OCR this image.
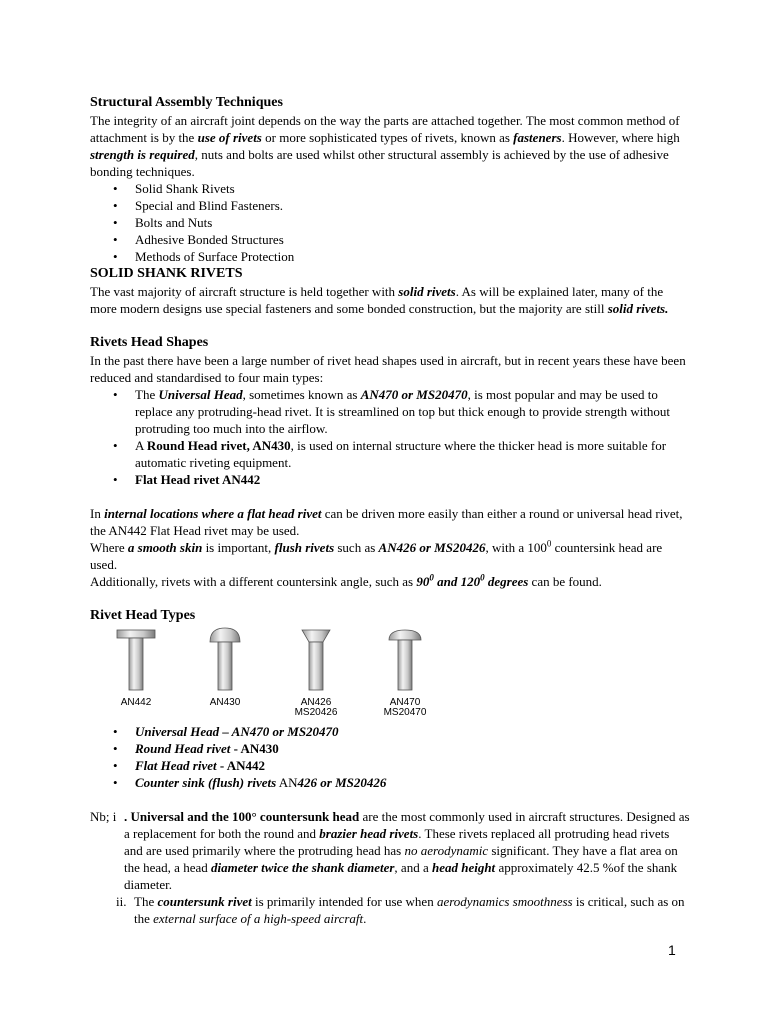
Structural Assembly Techniques

The integrity of an aircraft joint depends on the way the parts are attached together. The most common method of attachment is by the use of rivets or more sophisticated types of rivets, known as fasteners. However, where high strength is required, nuts and bolts are used whilst other structural assembly is achieved by the use of adhesive bonding techniques.

• Solid Shank Rivets
• Special and Blind Fasteners.
• Bolts and Nuts
• Adhesive Bonded Structures
• Methods of Surface Protection
SOLID SHANK RIVETS

The vast majority of aircraft structure is held together with solid rivets. As will be explained later, many of the more modern designs use special fasteners and some bonded construction, but the majority are still solid rivets.

Rivets Head Shapes

In the past there have been a large number of rivet head shapes used in aircraft, but in recent years these have been reduced and standardised to four main types:

• The Universal Head, sometimes known as AN470 or MS20470, is most popular and may be used to replace any protruding-head rivet. It is streamlined on top but thick enough to provide strength without protruding too much into the airflow.
• A Round Head rivet, AN430, is used on internal structure where the thicker head is more suitable for automatic riveting equipment.
• Flat Head rivet AN442

In internal locations where a flat head rivet can be driven more easily than either a round or universal head rivet, the AN442 Flat Head rivet may be used.

Where a smooth skin is important, flush rivets such as AN426 or MS20426, with a $100^0$ countersink head are used.

Additionally, rivets with a different countersink angle, such as $90^0$ and $120^0$ degrees can be found.

Rivet Head Types
AN442	AN430	AN426
MS20426
AN470
MS20470
• Universal Head – AN470 or MS20470
• Round Head rivet - AN430
• Flat Head rivet - AN442
• Counter sink (flush) rivets AN426 or MS20426
Nb; i . Universal and the 100° countersunk head are the most commonly used in aircraft structures. Designed as a replacement for both the round and brazier head rivets. These rivets replaced all protruding head rivets and are used primarily where the protruding head has no aerodynamic significant. They have a flat area on the head, a head diameter twice the shank diameter, and a head height approximately 42.5 %of the shank diameter.

ii. The countersunk rivet is primarily intended for use when aerodynamics smoothness is critical, such as on the external surface of a high-speed aircraft.

1
